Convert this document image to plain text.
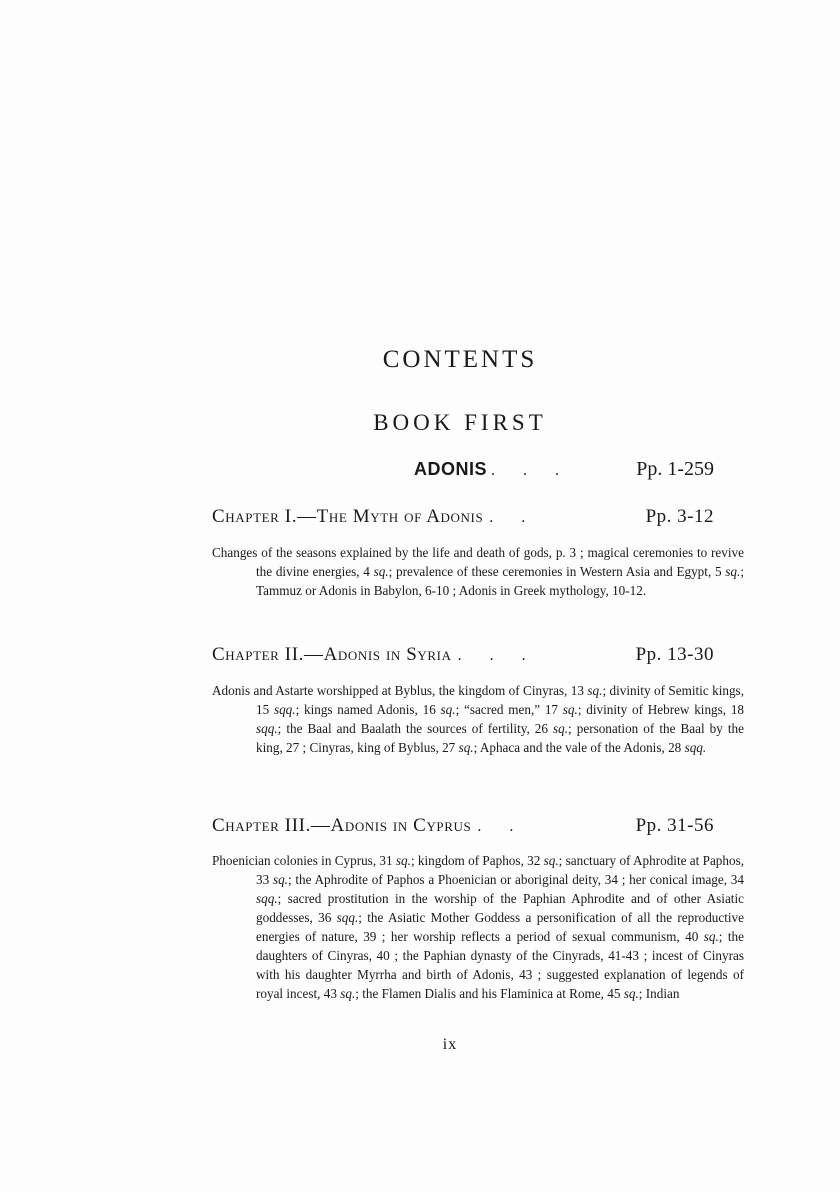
CONTENTS
BOOK FIRST
ADONIS . . .	Pp. 1-259
Chapter I.—The Myth of Adonis . .	Pp. 3-12
Changes of the seasons explained by the life and death of gods, p. 3 ; magical ceremonies to revive the divine energies, 4 sq.; prevalence of these ceremonies in Western Asia and Egypt, 5 sq.; Tammuz or Adonis in Babylon, 6-10 ; Adonis in Greek mythology, 10-12.
Chapter II.—Adonis in Syria . . .	Pp. 13-30
Adonis and Astarte worshipped at Byblus, the kingdom of Cinyras, 13 sq.; divinity of Semitic kings, 15 sqq.; kings named Adonis, 16 sq.; “sacred men,” 17 sq.; divinity of Hebrew kings, 18 sqq.; the Baal and Baalath the sources of fertility, 26 sq.; personation of the Baal by the king, 27 ; Cinyras, king of Byblus, 27 sq.; Aphaca and the vale of the Adonis, 28 sqq.
Chapter III.—Adonis in Cyprus . .	Pp. 31-56
Phoenician colonies in Cyprus, 31 sq.; kingdom of Paphos, 32 sq.; sanctuary of Aphrodite at Paphos, 33 sq.; the Aphrodite of Paphos a Phoenician or aboriginal deity, 34 ; her conical image, 34 sqq.; sacred prostitution in the worship of the Paphian Aphrodite and of other Asiatic goddesses, 36 sqq.; the Asiatic Mother Goddess a personification of all the reproductive energies of nature, 39 ; her worship reflects a period of sexual communism, 40 sq.; the daughters of Cinyras, 40 ; the Paphian dynasty of the Cinyrads, 41-43 ; incest of Cinyras with his daughter Myrrha and birth of Adonis, 43 ; suggested explanation of legends of royal incest, 43 sq.; the Flamen Dialis and his Flaminica at Rome, 45 sq.; Indian
ix
